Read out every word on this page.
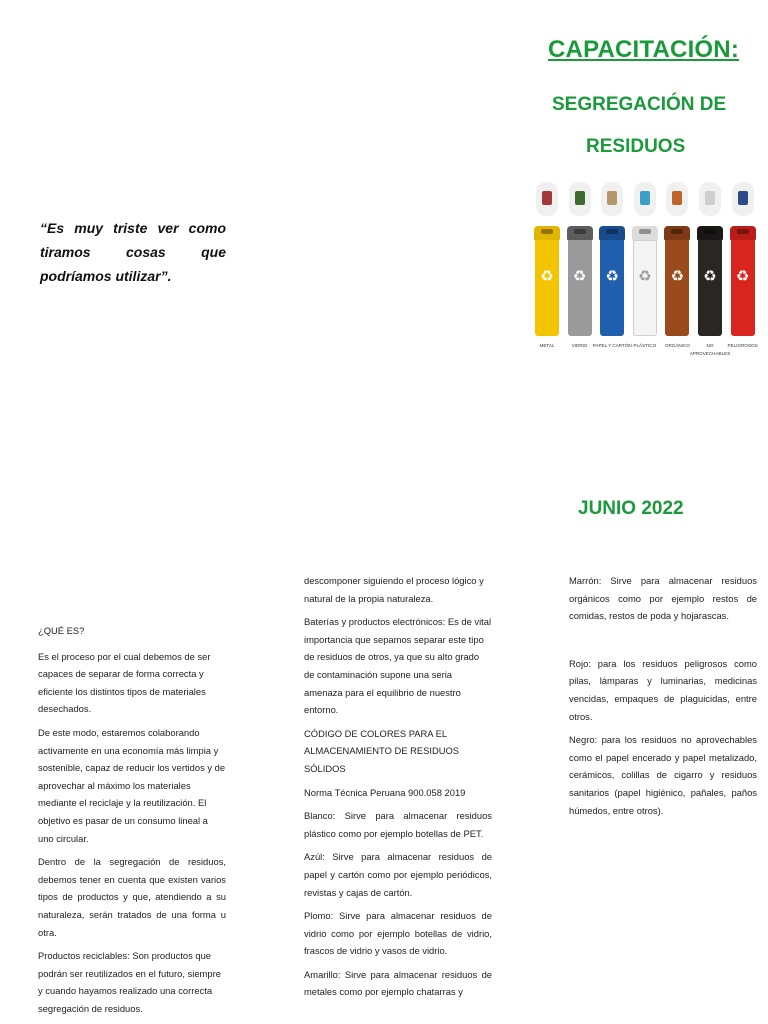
CAPACITACIÓN:
SEGREGACIÓN DE
RESIDUOS
“Es muy triste ver como tiramos cosas que podríamos utilizar”.	♻
METAL
♻
VIDRIO
♻
PAPEL Y CARTÓN
♻
PLÁSTICO
♻
ORGÁNICO
♻
NO APROVECHABLES
♻
PELIGROSOS
JUNIO 2022

¿QUÉ ES?

Es el proceso por el cual debemos de ser capaces de separar de forma correcta y eficiente los distintos tipos de materiales desechados.

De este modo, estaremos colaborando activamente en una economía más limpia y sostenible, capaz de reducir los vertidos y de aprovechar al máximo los materiales mediante el reciclaje y la reutilización. El objetivo es pasar de un consumo lineal a uno circular.

Dentro de la segregación de residuos, debemos tener en cuenta que existen varios tipos de productos y que, atendiendo a su naturaleza, serán tratados de una forma u otra.

Productos reciclables: Son productos que podrán ser reutilizados en el futuro, siempre y cuando hayamos realizado una correcta segregación de residuos.

descomponer siguiendo el proceso lógico y natural de la propia naturaleza.

Baterías y productos electrónicos: Es de vital importancia que sepamos separar este tipo de residuos de otros, ya que su alto grado de contaminación supone una seria amenaza para el equilibrio de nuestro entorno.

CÓDIGO DE COLORES PARA EL ALMACENAMIENTO DE RESIDUOS SÓLIDOS

Norma Técnica Peruana 900.058 2019

Blanco: Sirve para almacenar residuos plástico como por ejemplo botellas de PET.

Azúl: Sirve para almacenar residuos de papel y cartón como por ejemplo periódicos, revistas y cajas de cartón.

Plomo: Sirve para almacenar residuos de vidrio como por ejemplo botellas de vidrio, frascos de vidrio y vasos de vidrio.

Amarillo: Sirve para almacenar residuos de metales como por ejemplo chatarras y

Marrón: Sirve para almacenar residuos orgánicos como por ejemplo restos de comidas, restos de poda y hojarascas.

Rojo: para los residuos peligrosos como pilas, lámparas y luminarias, medicinas vencidas, empaques de plaguicidas, entre otros.

Negro: para los residuos no aprovechables como el papel encerado y papel metalizado, cerámicos, colillas de cigarro y residuos sanitarios (papel higiénico, pañales, paños húmedos, entre otros).
